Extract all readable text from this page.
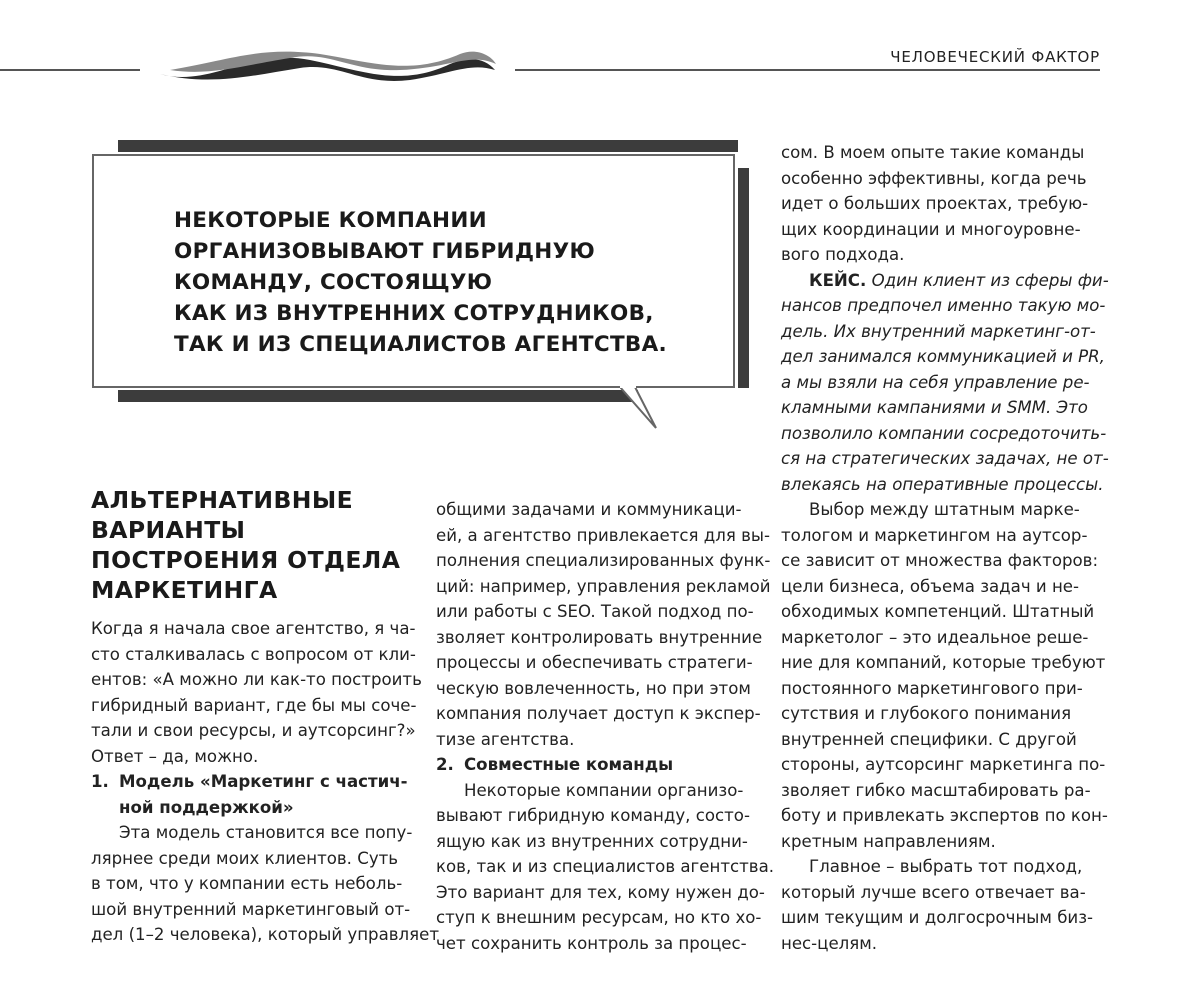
ЧЕЛОВЕЧЕСКИЙ ФАКТОР
НЕКОТОРЫЕ КОМПАНИИ
ОРГАНИЗОВЫВАЮТ ГИБРИДНУЮ
КОМАНДУ, СОСТОЯЩУЮ
КАК ИЗ ВНУТРЕННИХ СОТРУДНИКОВ,
ТАК И ИЗ СПЕЦИАЛИСТОВ АГЕНТСТВА.
АЛЬТЕРНАТИВНЫЕ
ВАРИАНТЫ
ПОСТРОЕНИЯ ОТДЕЛА
МАРКЕТИНГА

Когда я начала свое агентство, я ча-
сто сталкивалась с вопросом от кли-
ентов: «А можно ли как-то построить
гибридный вариант, где бы мы соче-
тали и свои ресурсы, и аутсорсинг?»
Ответ – да, можно.

1. Модель «Маркетинг с частич-
ной поддержкой»

Эта модель становится все попу-
лярнее среди моих клиентов. Суть
в том, что у компании есть неболь-
шой внутренний маркетинговый от-
дел (1–2 человека), который управляет

общими задачами и коммуникаци-
ей, а агентство привлекается для вы-
полнения специализированных функ-
ций: например, управления рекламой
или работы с SEO. Такой подход по-
зволяет контролировать внутренние
процессы и обеспечивать стратеги-
ческую вовлеченность, но при этом
компания получает доступ к экспер-
тизе агентства.

2. Совместные команды

Некоторые компании организо-
вывают гибридную команду, состо-
ящую как из внутренних сотрудни-
ков, так и из специалистов агентства.
Это вариант для тех, кому нужен до-
ступ к внешним ресурсам, но кто хо-
чет сохранить контроль за процес-

сом. В моем опыте такие команды
особенно эффективны, когда речь
идет о больших проектах, требую-
щих координации и многоуровне-
вого подхода.

КЕЙС. Один клиент из сферы фи-
нансов предпочел именно такую мо-
дель. Их внутренний маркетинг-от-
дел занимался коммуникацией и PR,
а мы взяли на себя управление ре-
кламными кампаниями и SMM. Это
позволило компании сосредоточить-
ся на стратегических задачах, не от-
влекаясь на оперативные процессы.

Выбор между штатным марке-
тологом и маркетингом на аутсор-
се зависит от множества факторов:
цели бизнеса, объема задач и не-
обходимых компетенций. Штатный
маркетолог – это идеальное реше-
ние для компаний, которые требуют
постоянного маркетингового при-
сутствия и глубокого понимания
внутренней специфики. С другой
стороны, аутсорсинг маркетинга по-
зволяет гибко масштабировать ра-
боту и привлекать экспертов по кон-
кретным направлениям.

Главное – выбрать тот подход,
который лучше всего отвечает ва-
шим текущим и долгосрочным биз-
нес-целям.
